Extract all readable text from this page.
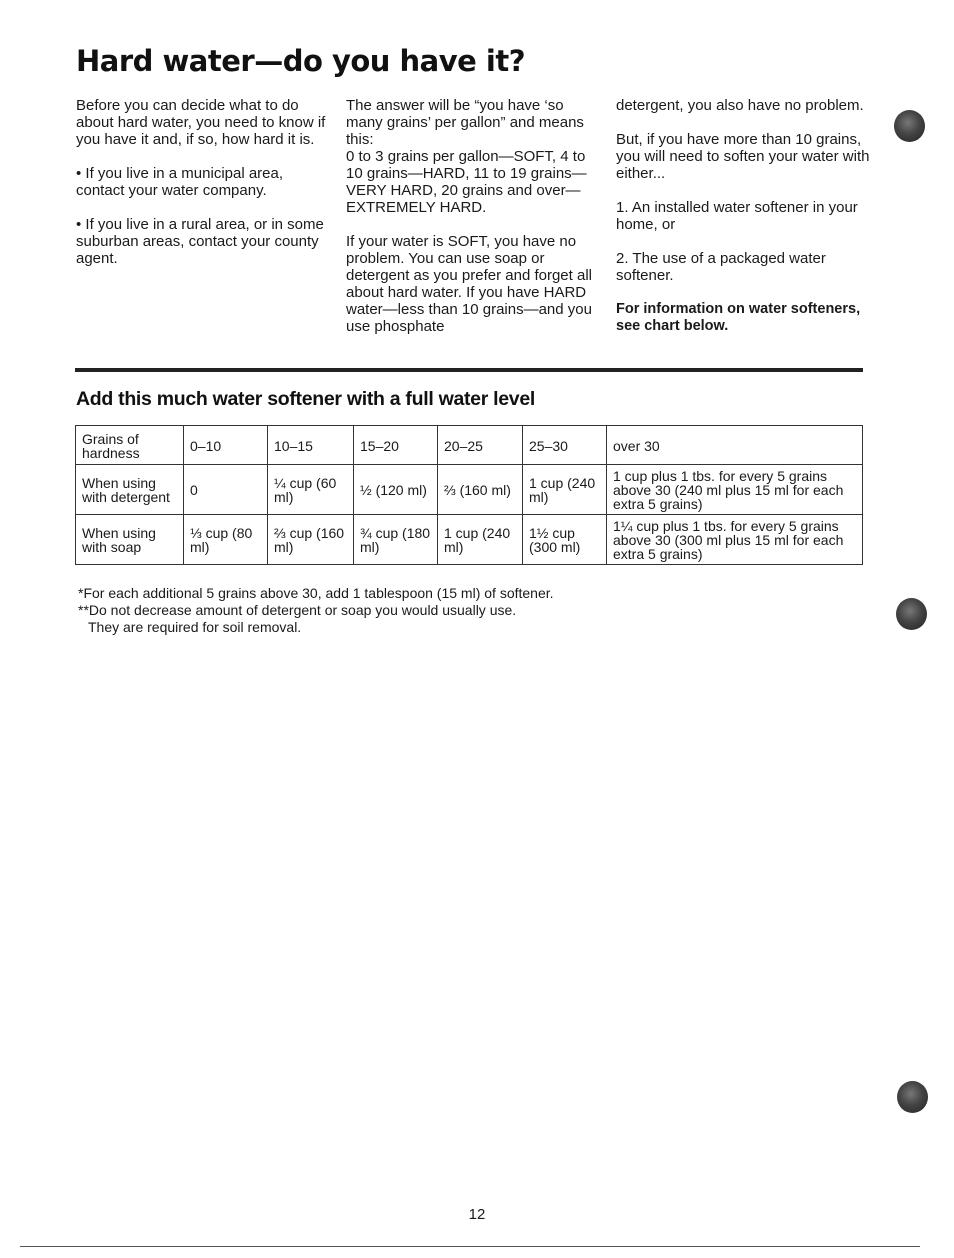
Hard water—do you have it?

Before you can decide what to do about hard water, you need to know if you have it and, if so, how hard it is.

• If you live in a municipal area, contact your water company.

• If you live in a rural area, or in some suburban areas, contact your county agent.

The answer will be “you have ‘so many grains’ per gallon” and means this:

0 to 3 grains per gallon—SOFT, 4 to 10 grains—HARD, 11 to 19 grains—VERY HARD, 20 grains and over—EXTREMELY HARD.

If your water is SOFT, you have no problem. You can use soap or detergent as you prefer and forget all about hard water. If you have HARD water—less than 10 grains—and you use phosphate

detergent, you also have no problem.

But, if you have more than 10 grains, you will need to soften your water with either...

1. An installed water softener in your home, or

2. The use of a packaged water softener.

For information on water softeners, see chart below.

Add this much water softener with a full water level
Grains of hardness	0–10	10–15	15–20	20–25	25–30	over 30
When using with detergent	0	¼ cup (60 ml)	½ (120 ml)	⅔ (160 ml)	1 cup (240 ml)	1 cup plus 1 tbs. for every 5 grains above 30 (240 ml plus 15 ml for each extra 5 grains)
When using with soap	⅓ cup (80 ml)	⅔ cup (160 ml)	¾ cup (180 ml)	1 cup (240 ml)	1½ cup (300 ml)	1¼ cup plus 1 tbs. for every 5 grains above 30 (300 ml plus 15 ml for each extra 5 grains)
*For each additional 5 grains above 30, add 1 tablespoon (15 ml) of softener.
**Do not decrease amount of detergent or soap you would usually use.
They are required for soil removal.
12
